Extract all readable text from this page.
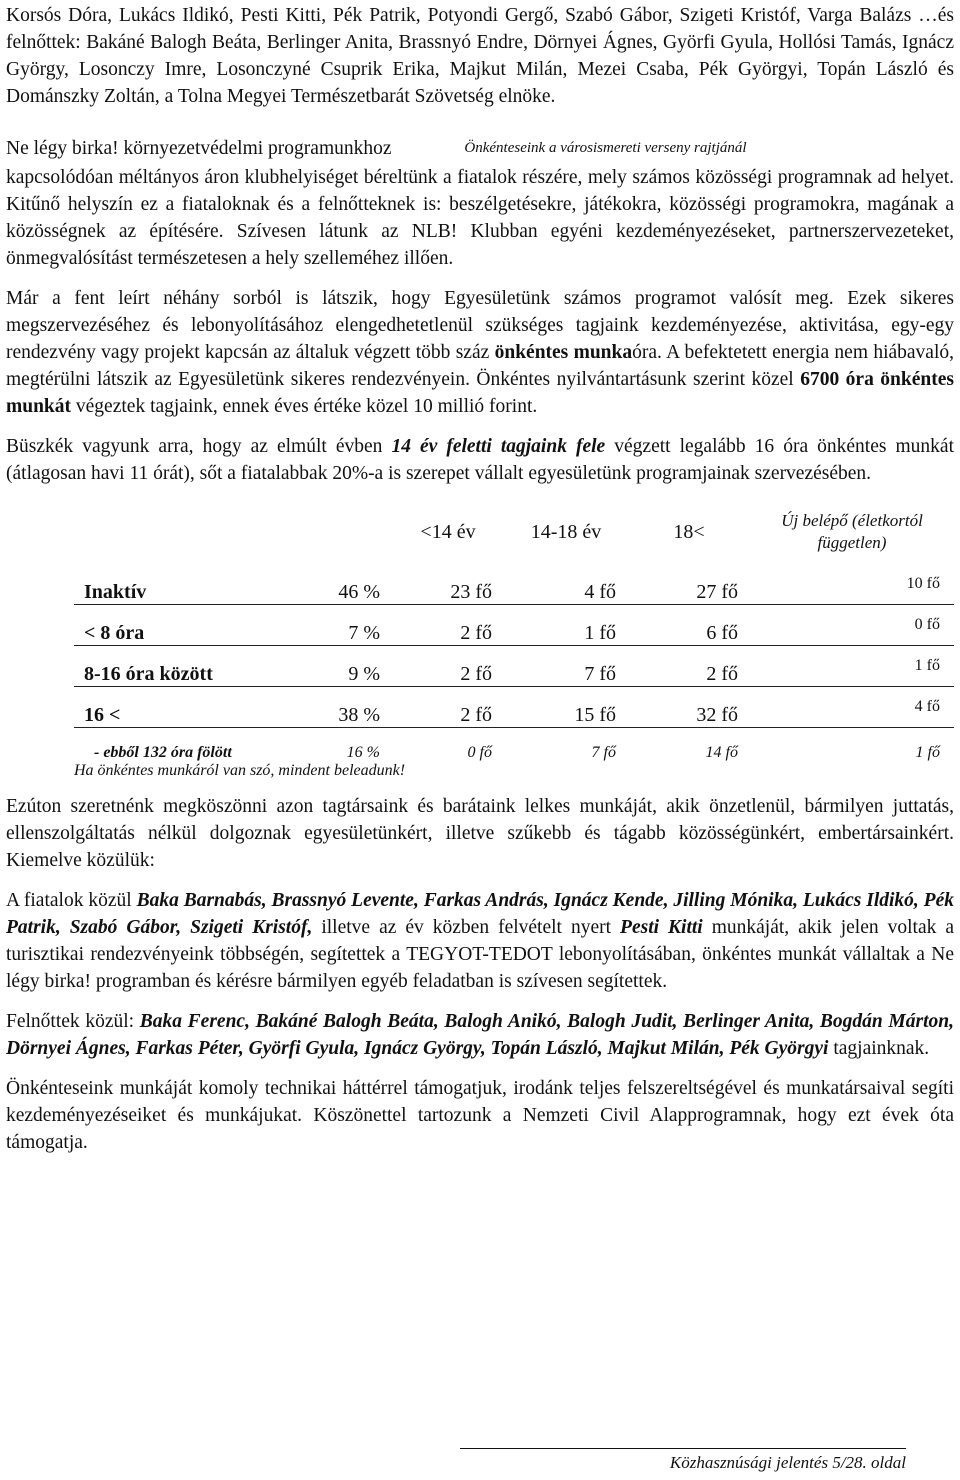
Korsós Dóra, Lukács Ildikó, Pesti Kitti, Pék Patrik, Potyondi Gergő, Szabó Gábor, Szigeti Kristóf, Varga Balázs …és felnőttek: Bakáné Balogh Beáta, Berlinger Anita, Brassnyó Endre, Dörnyei Ágnes, Györfi Gyula, Hollósi Tamás, Ignácz György, Losonczy Imre, Losonczyné Csuprik Erika, Majkut Milán, Mezei Csaba, Pék Györgyi, Topán László és Dománszky Zoltán, a Tolna Megyei Természetbarát Szövetség elnöke.

Ne légy birka! környezetvédelmi programunkhoz	Önkénteseink a városismereti verseny rajtjánál
kapcsolódóan méltányos áron klubhelyiséget béreltünk a fiatalok részére, mely számos közösségi programnak ad helyet. Kitűnő helyszín ez a fiataloknak és a felnőtteknek is: beszélgetésekre, játékokra, közösségi programokra, magának a közösségnek az építésére. Szívesen látunk az NLB! Klubban egyéni kezdeményezéseket, partnerszervezeteket, önmegvalósítást természetesen a hely szelleméhez illően.

Már a fent leírt néhány sorból is látszik, hogy Egyesületünk számos programot valósít meg. Ezek sikeres megszervezéséhez és lebonyolításához elengedhetetlenül szükséges tagjaink kezdeményezése, aktivitása, egy-egy rendezvény vagy projekt kapcsán az általuk végzett több száz önkéntes munkaóra. A befektetett energia nem hiábavaló, megtérülni látszik az Egyesületünk sikeres rendezvényein. Önkéntes nyilvántartásunk szerint közel 6700 óra önkéntes munkát végeztek tagjaink, ennek éves értéke közel 10 millió forint.

Büszkék vagyunk arra, hogy az elmúlt évben 14 év feletti tagjaink fele végzett legalább 16 óra önkéntes munkát (átlagosan havi 11 órát), sőt a fiatalabbak 20%-a is szerepet vállalt egyesületünk programjainak szervezésében.

		<14 év	14-18 év	18<	Új belépő (életkortól független)
Inaktív	46 %	23 fő	4 fő	27 fő	10 fő
< 8 óra	7 %	2 fő	1 fő	6 fő	0 fő
8-16 óra között	9 %	2 fő	7 fő	2 fő	1 fő
16 <	38 %	2 fő	15 fő	32 fő	4 fő
- ebből 132 óra fölött	16 %	0 fő	7 fő	14 fő	1 fő
Ha önkéntes munkáról van szó, mindent beleadunk!

Ezúton szeretnénk megköszönni azon tagtársaink és barátaink lelkes munkáját, akik önzetlenül, bármilyen juttatás, ellenszolgáltatás nélkül dolgoznak egyesületünkért, illetve szűkebb és tágabb közösségünkért, embertársainkért. Kiemelve közülük:

A fiatalok közül Baka Barnabás, Brassnyó Levente, Farkas András, Ignácz Kende, Jilling Mónika, Lukács Ildikó, Pék Patrik, Szabó Gábor, Szigeti Kristóf, illetve az év közben felvételt nyert Pesti Kitti munkáját, akik jelen voltak a turisztikai rendezvényeink többségén, segítettek a TEGYOT-TEDOT lebonyolításában, önkéntes munkát vállaltak a Ne légy birka! programban és kérésre bármilyen egyéb feladatban is szívesen segítettek.

Felnőttek közül: Baka Ferenc, Bakáné Balogh Beáta, Balogh Anikó, Balogh Judit, Berlinger Anita, Bogdán Márton, Dörnyei Ágnes, Farkas Péter, Györfi Gyula, Ignácz György, Topán László, Majkut Milán, Pék Györgyi tagjainknak.

Önkénteseink munkáját komoly technikai háttérrel támogatjuk, irodánk teljes felszereltségével és munkatársaival segíti kezdeményezéseiket és munkájukat. Köszönettel tartozunk a Nemzeti Civil Alapprogramnak, hogy ezt évek óta támogatja.

Közhasznúsági jelentés 5/28. oldal
